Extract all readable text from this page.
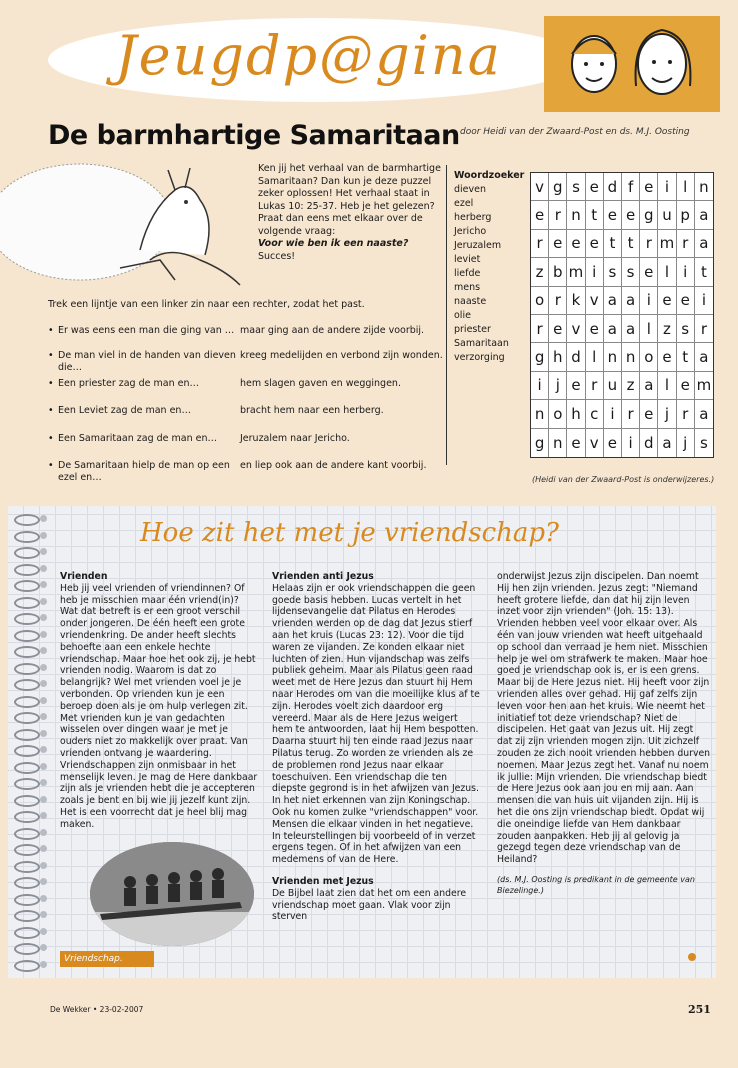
Jeugdp@gina
De barmhartige Samaritaan door Heidi van der Zwaard-Post en ds. M.J. Oosting

Ken jij het verhaal van de barmhartige Samaritaan? Dan kun je deze puzzel zeker oplossen! Het verhaal staat in Lukas 10: 25-37. Heb je het gelezen? Praat dan eens met elkaar over de volgende vraag:

Voor wie ben ik een naaste?

Succes!

Trek een lijntje van een linker zin naar een rechter, zodat het past.
• Er was eens een man die ging van …
• De man viel in de handen van dieven die…
• Een priester zag de man en…
• Een Leviet zag de man en…
• Een Samaritaan zag de man en…
• De Samaritaan hielp de man op een ezel en…
maar ging aan de andere zijde voorbij.
kreeg medelijden en verbond zijn wonden.
hem slagen gaven en weggingen.
bracht hem naar een herberg.
Jeruzalem naar Jericho.
en liep ook aan de andere kant voorbij.
Woordzoeker
dieven
ezel
herberg
Jericho
Jeruzalem
leviet
liefde
mens
naaste
olie
priester
Samaritaan
verzorging
v g s e d f e i l n
e r n t e e g u p a
r e e e t t r m r a
z b m i s s e l i t
o r k v a a i e e i
r e v e a a l z s r
g h d l n n o e t a
i j e r u z a l e m
n o h c i r e j r a
g n e v e i d a j s
(Heidi van der Zwaard-Post is onderwijzeres.)
Hoe zit het met je vriendschap?

Vrienden

Heb jij veel vrienden of vriendinnen? Of heb je misschien maar één vriend(in)? Wat dat betreft is er een groot verschil onder jongeren. De één heeft een grote vriendenkring. De ander heeft slechts behoefte aan een enkele hechte vriendschap. Maar hoe het ook zij, je hebt vrienden nodig. Waarom is dat zo belangrijk? Wel met vrienden voel je je verbonden. Op vrienden kun je een beroep doen als je om hulp verlegen zit. Met vrienden kun je van gedachten wisselen over dingen waar je met je ouders niet zo makkelijk over praat. Van vrienden ontvang je waardering. Vriendschappen zijn onmisbaar in het menselijk leven. Je mag de Here dankbaar zijn als je vrienden hebt die je accepteren zoals je bent en bij wie jij jezelf kunt zijn. Het is een voorrecht dat je heel blij mag maken.

Vrienden anti Jezus

Helaas zijn er ook vriendschappen die geen goede basis hebben. Lucas vertelt in het lijdensevangelie dat Pilatus en Herodes vrienden werden op de dag dat Jezus stierf aan het kruis (Lucas 23: 12). Voor die tijd waren ze vijanden. Ze konden elkaar niet luchten of zien. Hun vijandschap was zelfs publiek geheim. Maar als Pilatus geen raad weet met de Here Jezus dan stuurt hij Hem naar Herodes om van die moeilijke klus af te zijn. Herodes voelt zich daardoor erg vereerd. Maar als de Here Jezus weigert hem te antwoorden, laat hij Hem bespotten. Daarna stuurt hij ten einde raad Jezus naar Pilatus terug. Zo worden ze vrienden als ze de problemen rond Jezus naar elkaar toeschuiven. Een vriendschap die ten diepste gegrond is in het afwijzen van Jezus. In het niet erkennen van zijn Koningschap. Ook nu komen zulke "vriendschappen" voor. Mensen die elkaar vinden in het negatieve. In teleurstellingen bij voorbeeld of in verzet ergens tegen. Of in het afwijzen van een medemens of van de Here.

Vrienden met Jezus

De Bijbel laat zien dat het om een andere vriendschap moet gaan. Vlak voor zijn sterven

onderwijst Jezus zijn discipelen. Dan noemt Hij hen zijn vrienden. Jezus zegt: "Niemand heeft grotere liefde, dan dat hij zijn leven inzet voor zijn vrienden" (Joh. 15: 13). Vrienden hebben veel voor elkaar over. Als één van jouw vrienden wat heeft uitgehaald op school dan verraad je hem niet. Misschien help je wel om strafwerk te maken. Maar hoe goed je vriendschap ook is, er is een grens. Maar bij de Here Jezus niet. Hij heeft voor zijn vrienden alles over gehad. Hij gaf zelfs zijn leven voor hen aan het kruis. Wie neemt het initiatief tot deze vriendschap? Niet de discipelen. Het gaat van Jezus uit. Hij zegt dat zij zijn vrienden mogen zijn. Uit zichzelf zouden ze zich nooit vrienden hebben durven noemen. Maar Jezus zegt het. Vanaf nu noem ik jullie: Mijn vrienden. Die vriendschap biedt de Here Jezus ook aan jou en mij aan. Aan mensen die van huis uit vijanden zijn. Hij is het die ons zijn vriendschap biedt. Opdat wij die oneindige liefde van Hem dankbaar zouden aanpakken. Heb jij al gelovig ja gezegd tegen deze vriendschap van de Heiland?

(ds. M.J. Oosting is predikant in de gemeente van Biezelinge.)

Vriendschap.
De Wekker • 23-02-2007	251
